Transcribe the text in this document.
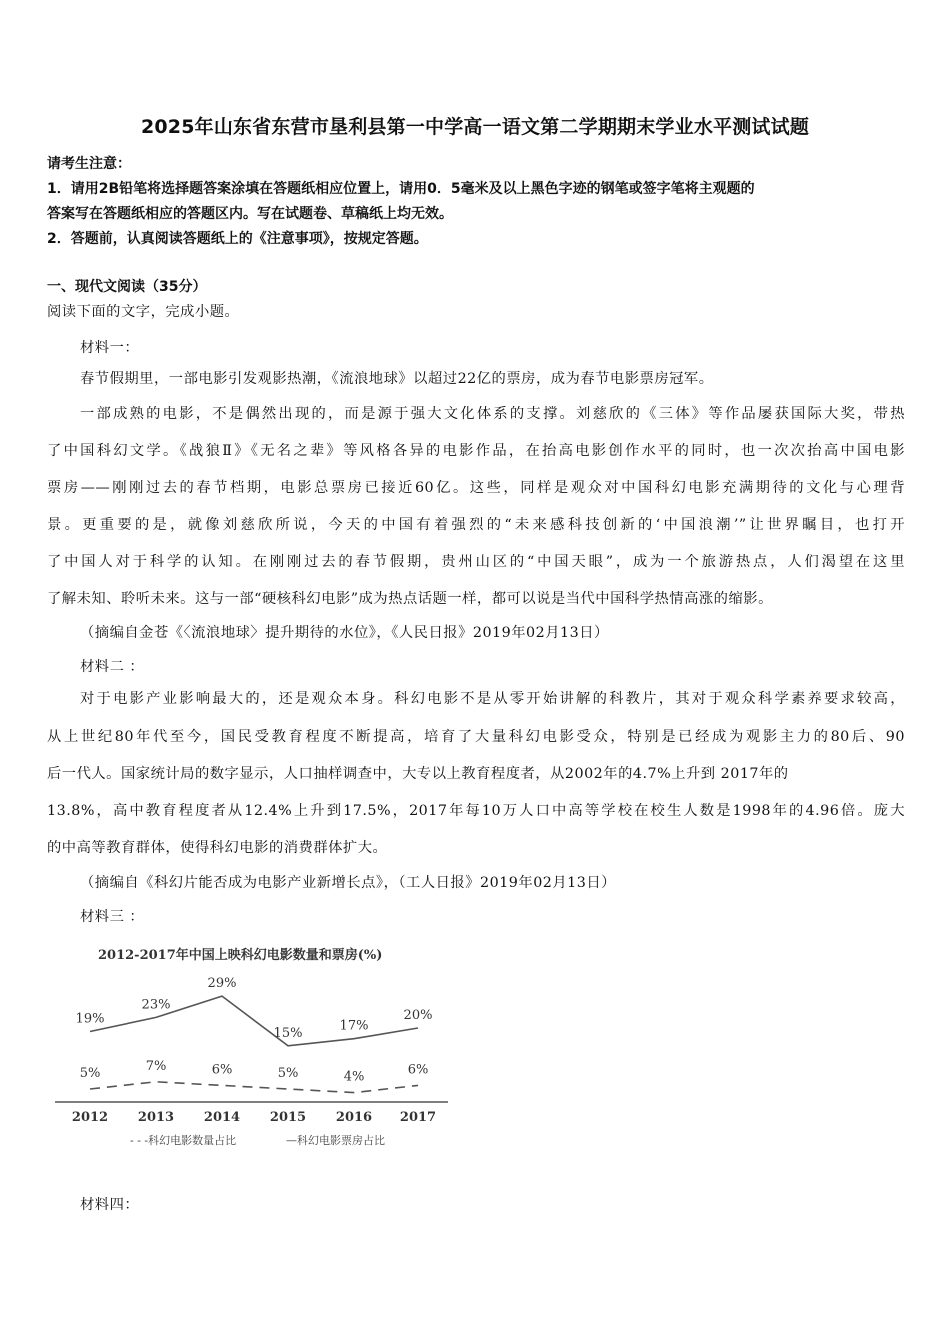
2025年山东省东营市垦利县第一中学高一语文第二学期期末学业水平测试试题
请考生注意：
1．请用2B铅笔将选择题答案涂填在答题纸相应位置上，请用0．5毫米及以上黑色字迹的钢笔或签字笔将主观题的
答案写在答题纸相应的答题区内。写在试题卷、草稿纸上均无效。
2．答题前，认真阅读答题纸上的《注意事项》，按规定答题。
一、现代文阅读（35分）
阅读下面的文字，完成小题。
材料一：
春节假期里，一部电影引发观影热潮，《流浪地球》以超过22亿的票房，成为春节电影票房冠军。
一部成熟的电影，不是偶然出现的，而是源于强大文化体系的支撑。刘慈欣的《三体》等作品屡获国际大奖，带热
了中国科幻文学。《战狼Ⅱ》《无名之辈》等风格各异的电影作品，在抬高电影创作水平的同时，也一次次抬高中国电影
票房——刚刚过去的春节档期，电影总票房已接近60亿。这些，同样是观众对中国科幻电影充满期待的文化与心理背
景。更重要的是，就像刘慈欣所说，今天的中国有着强烈的“未来感科技创新的‘中国浪潮’”让世界瞩目，也打开
了中国人对于科学的认知。在刚刚过去的春节假期，贵州山区的“中国天眼”，成为一个旅游热点，人们渴望在这里
了解未知、聆听未来。这与一部“硬核科幻电影”成为热点话题一样，都可以说是当代中国科学热情高涨的缩影。
（摘编自金苍《〈流浪地球〉提升期待的水位》，《人民日报》2019年02月13日）
材料二 ：
对于电影产业影响最大的，还是观众本身。科幻电影不是从零开始讲解的科教片，其对于观众科学素养要求较高，
从上世纪80年代至今，国民受教育程度不断提高，培育了大量科幻电影受众，特别是已经成为观影主力的80后、90
后一代人。国家统计局的数字显示，人口抽样调查中，大专以上教育程度者，从2002年的4.7%上升到 2017年的
13.8%，高中教育程度者从12.4%上升到17.5%，2017年每10万人口中高等学校在校生人数是1998年的4.96倍。庞大
的中高等教育群体，使得科幻电影的消费群体扩大。
（摘编自《科幻片能否成为电影产业新增长点》，（工人日报》2019年02月13日）
材料三 ：
2012-2017年中国上映科幻电影数量和票房(%)
19%
23%
29%
15%	17%
20%
5%	7%	6%	5%	4%	6%
2012 2013 2014 2015 2016 2017
- - -科幻电影数量占比	—科幻电影票房占比
材料四：
